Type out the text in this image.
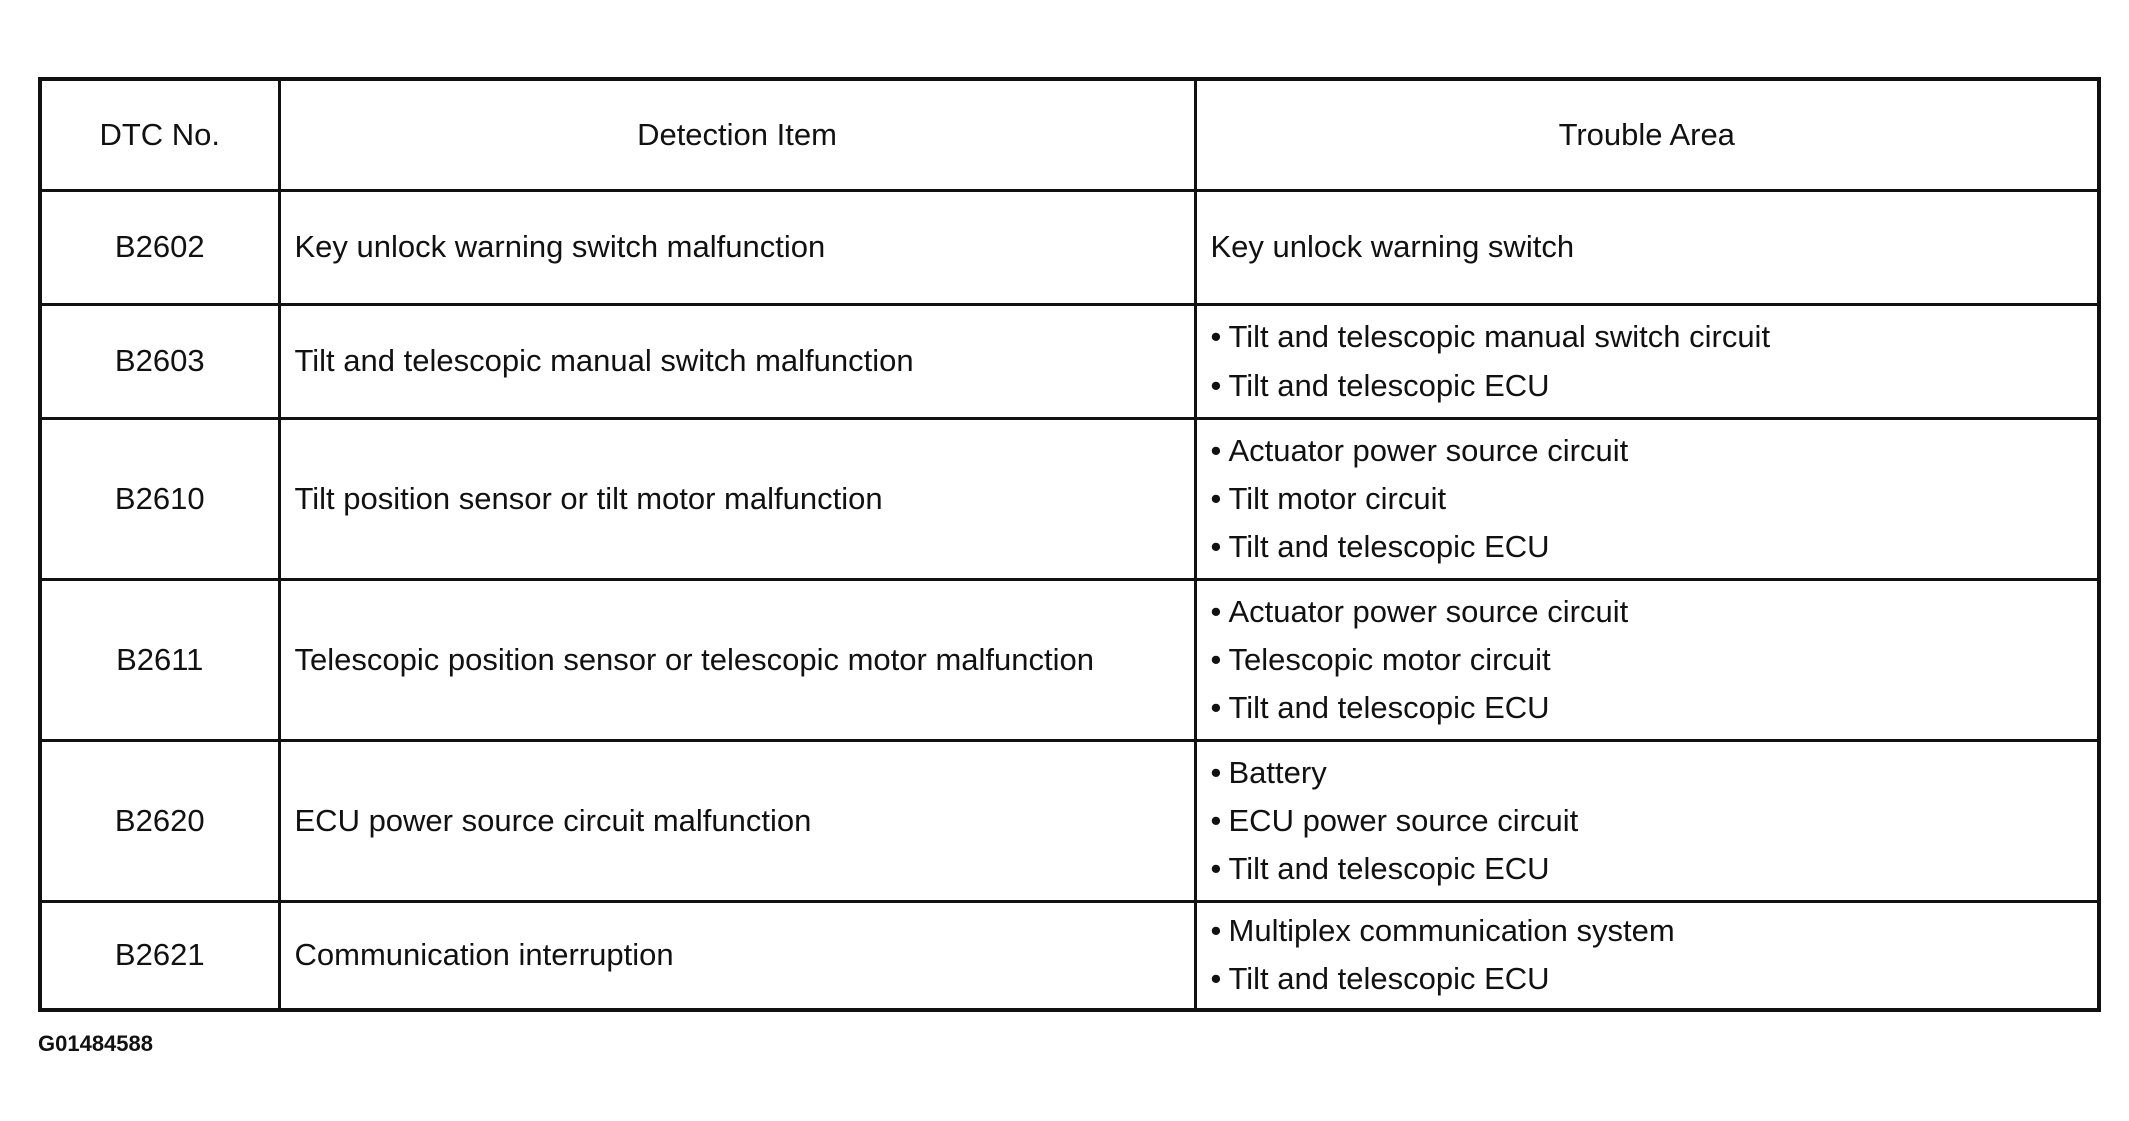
DTC No.	Detection Item	Trouble Area
B2602	Key unlock warning switch malfunction	Key unlock warning switch

B2603	Tilt and telescopic manual switch malfunction	• Tilt and telescopic manual switch circuit
• Tilt and telescopic ECU

B2610	Tilt position sensor or tilt motor malfunction	• Actuator power source circuit
• Tilt motor circuit
• Tilt and telescopic ECU

B2611	Telescopic position sensor or telescopic motor malfunction	• Actuator power source circuit
• Telescopic motor circuit
• Tilt and telescopic ECU

B2620	ECU power source circuit malfunction	• Battery
• ECU power source circuit
• Tilt and telescopic ECU

B2621	Communication interruption	• Multiplex communication system
• Tilt and telescopic ECU
G01484588
